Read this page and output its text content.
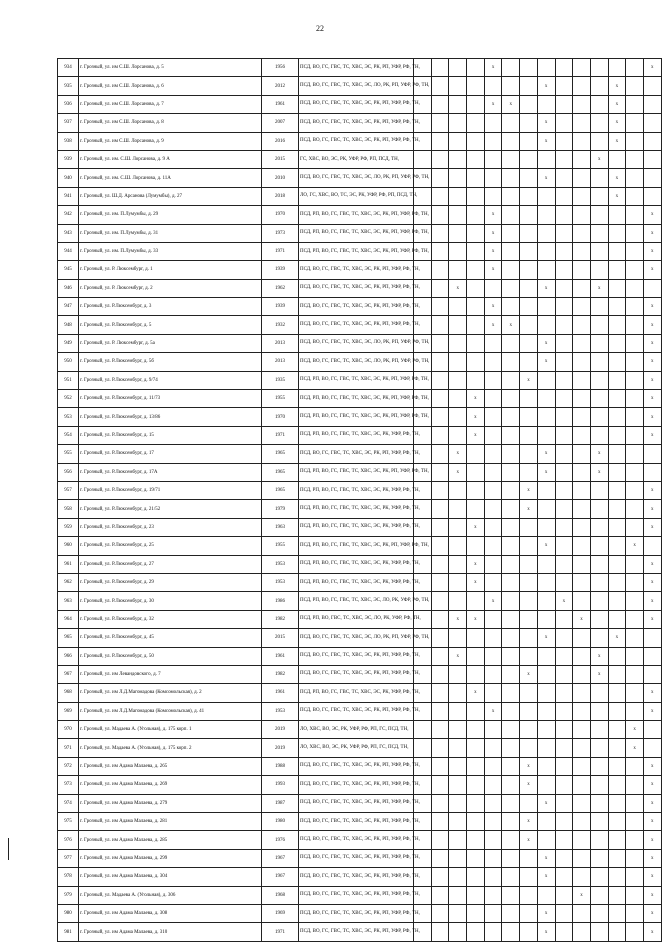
22
934	г. Грозный, ул. им С.Ш. Лорсанова, д. 5	1956	ПСД, ВО, ГС, ГВС, ТС, ХВС, ЭС, РК, РП, УФР, РФ, ТН,					x									x
935	г. Грозный, ул. им С.Ш. Лорсанова, д. 6	2012	ПСД, ВО, ГС, ГВС, ТС, ХВС, ЭС, ЛО, РК, РП, УФР, РФ, ТН,								x				x		
936	г. Грозный, ул. им С.Ш. Лорсанова, д. 7	1961	ПСД, ВО, ГС, ГВС, ТС, ХВС, ЭС, РК, РП, УФР, РФ, ТН,					x	x						x		
937	г. Грозный, ул. им С.Ш. Лорсанова, д. 8	2007	ПСД, ВО, ГС, ГВС, ТС, ХВС, ЭС, РК, РП, УФР, РФ, ТН,								x				x		
938	г. Грозный, ул. им С.Ш. Лорсанова, д. 9	2016	ПСД, ВО, ГС, ГВС, ТС, ХВС, ЭС, РК, РП, УФР, РФ, ТН,								x				x		
939	г. Грозный, ул. им. С.Ш. Лорсанова, д. 9 А	2015	ГС, ХВС, ВО, ЭС, РК, УФР, РФ, РП, ПСД, ТН,											x			
940	г. Грозный, ул. им. С.Ш. Лорсанова, д. 11А	2010	ПСД, ВО, ГС, ГВС, ТС, ХВС, ЭС, ЛО, РК, РП, УФР, РФ, ТН,								x				x		
941	г. Грозный, ул. Ш.Д. Арсанова (Лумумбы), д. 27	2018	ЛО, ГС, ХВС, ВО, ТС, ЭС, РК, УФР, РФ, РП, ПСД, ТН,												x		
942	г. Грозный, ул. им. П.Лумумбы, д. 29	1970	ПСД, РП, ВО, ГС, ГВС, ТС, ХВС, ЭС, РК, РП, УФР, РФ, ТН,					x									x
943	г. Грозный, ул. им. П.Лумумбы, д. 31	1973	ПСД, РП, ВО, ГС, ГВС, ТС, ХВС, ЭС, РК, РП, УФР, РФ, ТН,					x									x
944	г. Грозный, ул. им. П.Лумумбы, д. 33	1971	ПСД, РП, ВО, ГС, ГВС, ТС, ХВС, ЭС, РК, РП, УФР, РФ, ТН,					x									x
945	г. Грозный, ул. Р. Люксембург, д. 1	1939	ПСД, ВО, ГС, ГВС, ТС, ХВС, ЭС, РК, РП, УФР, РФ, ТН,					x									x
946	г. Грозный, ул. Р. Люксембург, д. 2	1962	ПСД, ВО, ГС, ГВС, ТС, ХВС, ЭС, РК, РП, УФР, РФ, ТН,			x					x			x			
947	г. Грозный, ул. Р.Люксембург, д. 3	1939	ПСД, ВО, ГС, ГВС, ТС, ХВС, ЭС, РК, РП, УФР, РФ, ТН,					x									x
948	г. Грозный, ул. Р.Люксембург, д. 5	1932	ПСД, ВО, ГС, ГВС, ТС, ХВС, ЭС, РК, РП, УФР, РФ, ТН,					x	x								x
949	г. Грозный, ул. Р. Люксембург, д. 5а	2013	ПСД, ВО, ГС, ГВС, ТС, ХВС, ЭС, ЛО, РК, РП, УФР, РФ, ТН,								x						x
950	г. Грозный, ул. Р.Люксембург, д. 5б	2013	ПСД, ВО, ГС, ГВС, ТС, ХВС, ЭС, ЛО, РК, РП, УФР, РФ, ТН,								x						x
951	г. Грозный, ул. Р.Люксембург, д. 9/74	1935	ПСД, РП, ВО, ГС, ГВС, ТС, ХВС, ЭС, РК, РП, УФР, РФ, ТН,							x							x
952	г. Грозный, ул. Р.Люксембург, д. 11/73	1955	ПСД, РП, ВО, ГС, ГВС, ТС, ХВС, ЭС, РК, РП, УФР, РФ, ТН,				x										x
953	г. Грозный, ул. Р.Люксембург, д. 13/86	1970	ПСД, РП, ВО, ГС, ГВС, ТС, ХВС, ЭС, РК, РП, УФР, РФ, ТН,				x										x
954	г. Грозный, ул. Р.Люксембург, д. 15	1971	ПСД, РП, ВО, ГС, ГВС, ТС, ХВС, ЭС, РК, УФР, РФ, ТН,				x										x
955	г. Грозный, ул. Р.Люксембург, д. 17	1965	ПСД, ВО, ГС, ГВС, ТС, ХВС, ЭС, РК, РП, УФР, РФ, ТН,			x					x			x			
956	г. Грозный, ул. Р.Люксембург, д. 17А	1965	ПСД, РП, ВО, ГС, ГВС, ТС, ХВС, ЭС, РК, РП, УФР, РФ, ТН,			x					x			x			
957	г. Грозный, ул. Р.Люксембург, д. 19/71	1965	ПСД, РП, ВО, ГС, ГВС, ТС, ХВС, ЭС, РК, УФР, РФ, ТН,							x							x
958	г. Грозный, ул. Р.Люксембург, д. 21/52	1979	ПСД, РП, ВО, ГС, ГВС, ТС, ХВС, ЭС, РК, УФР, РФ, ТН,							x							x
959	г. Грозный, ул. Р.Люксембург, д. 23	1963	ПСД, РП, ВО, ГС, ГВС, ТС, ХВС, ЭС, РК, УФР, РФ, ТН,				x										x
960	г. Грозный, ул. Р.Люксембург, д. 25	1955	ПСД, РП, ВО, ГС, ГВС, ТС, ХВС, ЭС, РК, РП, УФР, РФ, ТН,								x					x	
961	г. Грозный, ул. Р.Люксембург, д. 27	1953	ПСД, РП, ВО, ГС, ГВС, ТС, ХВС, ЭС, РК, УФР, РФ, ТН,				x										x
962	г. Грозный, ул. Р.Люксембург, д. 29	1953	ПСД, РП, ВО, ГС, ГВС, ТС, ХВС, ЭС, РК, УФР, РФ, ТН,				x										x
963	г. Грозный, ул. Р.Люксембург, д. 30	1986	ПСД, РП, ВО, ГС, ГВС, ТС, ХВС, ЭС, ЛО, РК, УФР, РФ, ТН,					x				x					x
964	г. Грозный, ул. Р.Люксембург, д. 32	1982	ПСД, РП, ВО, ГВС, ТС, ХВС, ЭС, ЛО, РК, УФР, РФ, ТН,			x	x						x				x
965	г. Грозный, ул. Р.Люксембург, д. 45	2015	ПСД, ВО, ГС, ГВС, ТС, ХВС, ЭС, ЛО, РК, РП, УФР, РФ, ТН,								x				x		
966	г. Грозный, ул. Р.Люксембург, д. 50	1961	ПСД, ВО, ГС, ГВС, ТС, ХВС, ЭС, РК, РП, УФР, РФ, ТН,			x								x			
967	г. Грозный, ул. им Левандовского, д. 7	1982	ПСД, ВО, ГС, ГВС, ТС, ХВС, ЭС, РК, РП, УФР, РФ, ТН,							x				x			
968	г. Грозный, ул. им Л.Д.Магомадова (Комсомольская), д. 2	1961	ПСД, РП, ВО, ГС, ГВС, ТС, ХВС, ЭС, РК, УФР, РФ, ТН,				x										x
969	г. Грозный, ул. им Л.Д.Магомадова (Комсомольская), д. 41	1953	ПСД, ВО, ГС, ГВС, ТС, ХВС, ЭС, РК, РП, УФР, РФ, ТН,					x									x
970	г. Грозный, ул. Мадаева А. (Угольная), д. 175 корп. 1	2019	ЛО, ХВС, ВО, ЭС, РК, УФР, РФ, РП, ГС, ПСД, ТН,													x	
971	г. Грозный, ул. Мадаева А. (Угольная), д. 175 корп. 2	2019	ЛО, ХВС, ВО, ЭС, РК, УФР, РФ, РП, ГС, ПСД, ТН,													x	
972	г. Грозный, ул. им Адама Малаева, д. 265	1988	ПСД, ВО, ГС, ГВС, ТС, ХВС, ЭС, РК, РП, УФР, РФ, ТН,							x							x
973	г. Грозный, ул. им Адама Малаева, д. 269	1993	ПСД, ВО, ГС, ГВС, ТС, ХВС, ЭС, РК, РП, УФР, РФ, ТН,							x							x
974	г. Грозный, ул. им Адама Малаева, д. 279	1987	ПСД, ВО, ГС, ГВС, ТС, ХВС, ЭС, РК, РП, УФР, РФ, ТН,								x						x
975	г. Грозный, ул. им Адама Малаева, д. 281	1980	ПСД, ВО, ГС, ГВС, ТС, ХВС, ЭС, РК, РП, УФР, РФ, ТН,							x							x
976	г. Грозный, ул. им Адама Малаева, д. 285	1976	ПСД, ВО, ГС, ГВС, ТС, ХВС, ЭС, РК, РП, УФР, РФ, ТН,							x							x
977	г. Грозный, ул. им Адама Малаева, д. 299	1967	ПСД, ВО, ГС, ГВС, ТС, ХВС, ЭС, РК, РП, УФР, РФ, ТН,								x						x
978	г. Грозный, ул. им Адама Малаева, д. 304	1967	ПСД, ВО, ГС, ГВС, ТС, ХВС, ЭС, РК, РП, УФР, РФ, ТН,								x						x
979	г. Грозный, ул. Мадаева А. (Угольная), д. 306	1968	ПСД, ВО, ГС, ГВС, ТС, ХВС, ЭС, РК, РП, УФР, РФ, ТН,										x				x
980	г. Грозный, ул. им Адама Малаева, д. 308	1969	ПСД, ВО, ГС, ГВС, ТС, ХВС, ЭС, РК, РП, УФР, РФ, ТН,								x						x
981	г. Грозный, ул. им Адама Малаева, д. 310	1971	ПСД, ВО, ГС, ГВС, ТС, ХВС, ЭС, РК, РП, УФР, РФ, ТН,								x						x
